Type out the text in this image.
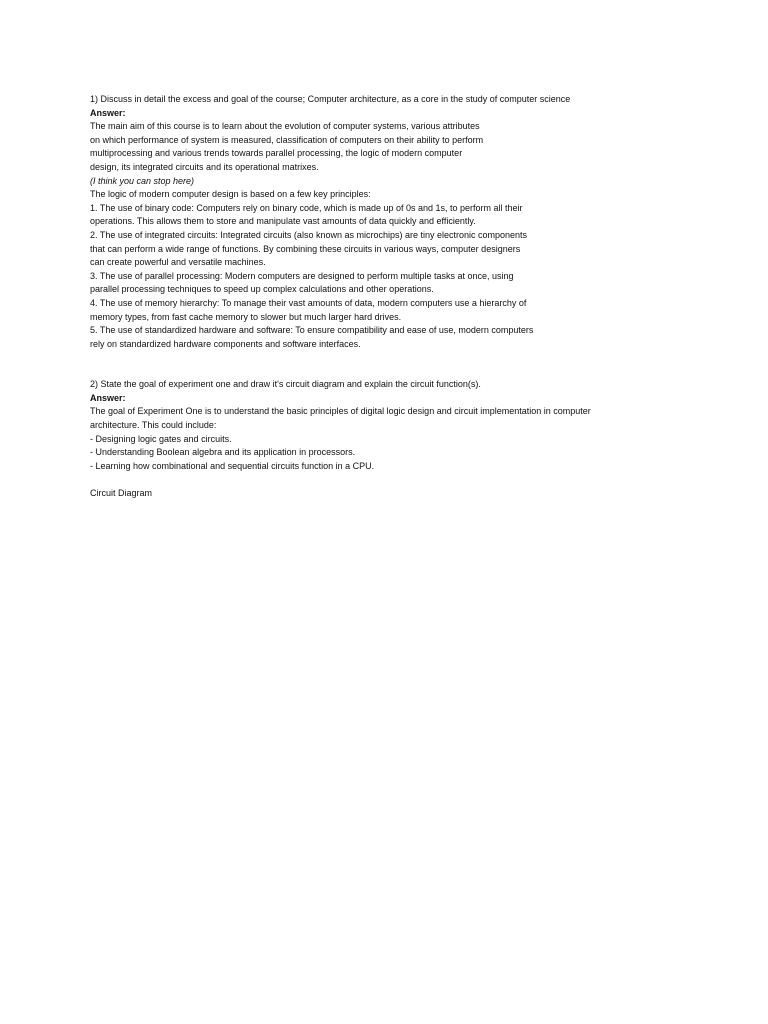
1) Discuss in detail the excess and goal of the course; Computer architecture, as a core in the study of computer science
Answer:
The main aim of this course is to learn about the evolution of computer systems, various attributes
on which performance of system is measured, classification of computers on their ability to perform
multiprocessing and various trends towards parallel processing, the logic of modern computer
design, its integrated circuits and its operational matrixes.
(I think you can stop here)
The logic of modern computer design is based on a few key principles:
1. The use of binary code: Computers rely on binary code, which is made up of 0s and 1s, to perform all their
operations. This allows them to store and manipulate vast amounts of data quickly and efficiently.
2. The use of integrated circuits: Integrated circuits (also known as microchips) are tiny electronic components
that can perform a wide range of functions. By combining these circuits in various ways, computer designers
can create powerful and versatile machines.
3. The use of parallel processing: Modern computers are designed to perform multiple tasks at once, using
parallel processing techniques to speed up complex calculations and other operations.
4. The use of memory hierarchy: To manage their vast amounts of data, modern computers use a hierarchy of
memory types, from fast cache memory to slower but much larger hard drives.
5. The use of standardized hardware and software: To ensure compatibility and ease of use, modern computers
rely on standardized hardware components and software interfaces.
2) State the goal of experiment one and draw it's circuit diagram and explain the circuit function(s).
Answer:
The goal of Experiment One is to understand the basic principles of digital logic design and circuit implementation in computer
architecture. This could include:
- Designing logic gates and circuits.
- Understanding Boolean algebra and its application in processors.
- Learning how combinational and sequential circuits function in a CPU.
Circuit Diagram
